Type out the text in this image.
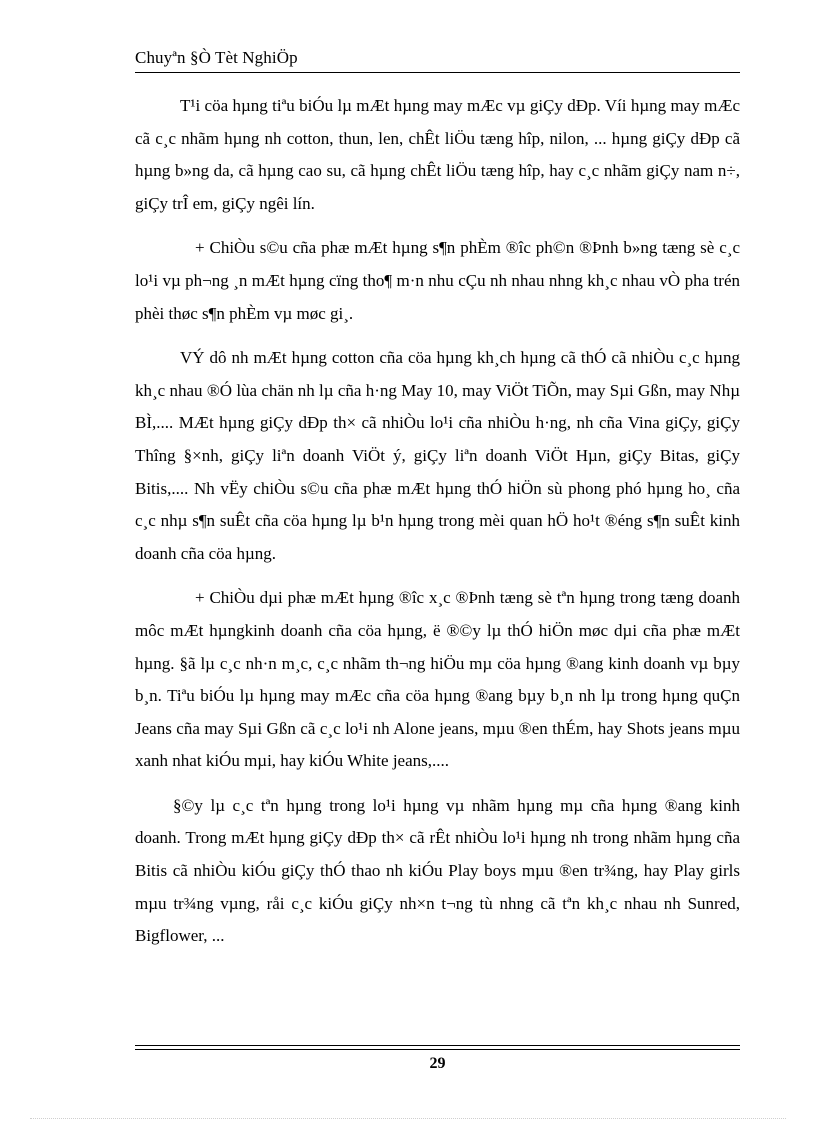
Chuyªn §Ò Tèt NghiÖp

T¹i cöa hµng tiªu biÓu lµ mÆt hµng may mÆc vµ giÇy dÐp. Víi hµng may mÆc cã c¸c nhãm hµng nh cotton, thun, len, chÊt liÖu tæng hîp, nilon, ... hµng giÇy dÐp cã hµng b»ng da, cã hµng cao su, cã hµng chÊt liÖu tæng hîp, hay c¸c nhãm giÇy nam n÷, giÇy trÎ em, giÇy ngêi lín.

+ ChiÒu s©u cña phæ mÆt hµng s¶n phÈm ®îc ph©n ®Þnh b»ng tæng sè c¸c lo¹i vµ ph¬ng ¸n mÆt hµng cïng tho¶ m·n nhu cÇu nh nhau nhng kh¸c nhau vÒ pha trén phèi thøc s¶n phÈm vµ møc gi¸.

VÝ dô nh mÆt hµng cotton cña cöa hµng kh¸ch hµng cã thÓ cã nhiÒu c¸c hµng kh¸c nhau ®Ó lùa chän nh lµ cña h·ng May 10, may ViÖt TiÕn, may Sµi Gßn, may Nhµ BÌ,.... MÆt hµng giÇy dÐp th× cã nhiÒu lo¹i cña nhiÒu h·ng, nh cña Vina giÇy, giÇy Thîng §×nh, giÇy liªn doanh ViÖt ý, giÇy liªn doanh ViÖt Hµn, giÇy Bitas, giÇy Bitis,.... Nh vËy chiÒu s©u cña phæ mÆt hµng thÓ hiÖn sù phong phó hµng ho¸ cña c¸c nhµ s¶n suÊt cña cöa hµng lµ b¹n hµng trong mèi quan hÖ ho¹t ®éng s¶n suÊt kinh doanh cña cöa hµng.

+ ChiÒu dµi phæ mÆt hµng ®îc x¸c ®Þnh tæng sè tªn hµng trong tæng doanh môc mÆt hµngkinh doanh cña cöa hµng, ë ®©y lµ thÓ hiÖn møc dµi cña phæ mÆt hµng. §ã lµ c¸c nh·n m¸c, c¸c nhãm th¬ng hiÖu mµ cöa hµng ®ang kinh doanh vµ bµy b¸n. Tiªu biÓu lµ hµng may mÆc cña cöa hµng ®ang bµy b¸n nh lµ trong hµng quÇn Jeans cña may Sµi Gßn cã c¸c lo¹i nh Alone jeans, mµu ®en thÉm, hay Shots jeans mµu xanh nhat kiÓu mµi, hay kiÓu White jeans,....

§©y lµ c¸c tªn hµng trong lo¹i hµng vµ nhãm hµng mµ cña hµng ®ang kinh doanh. Trong mÆt hµng giÇy dÐp th× cã rÊt nhiÒu lo¹i hµng nh trong nhãm hµng cña Bitis cã nhiÒu kiÓu giÇy thÓ thao nh kiÓu Play boys mµu ®en tr¾ng, hay Play girls mµu tr¾ng vµng, råi c¸c kiÓu giÇy nh×n t¬ng tù nhng cã tªn kh¸c nhau nh Sunred, Bigflower, ...

29
